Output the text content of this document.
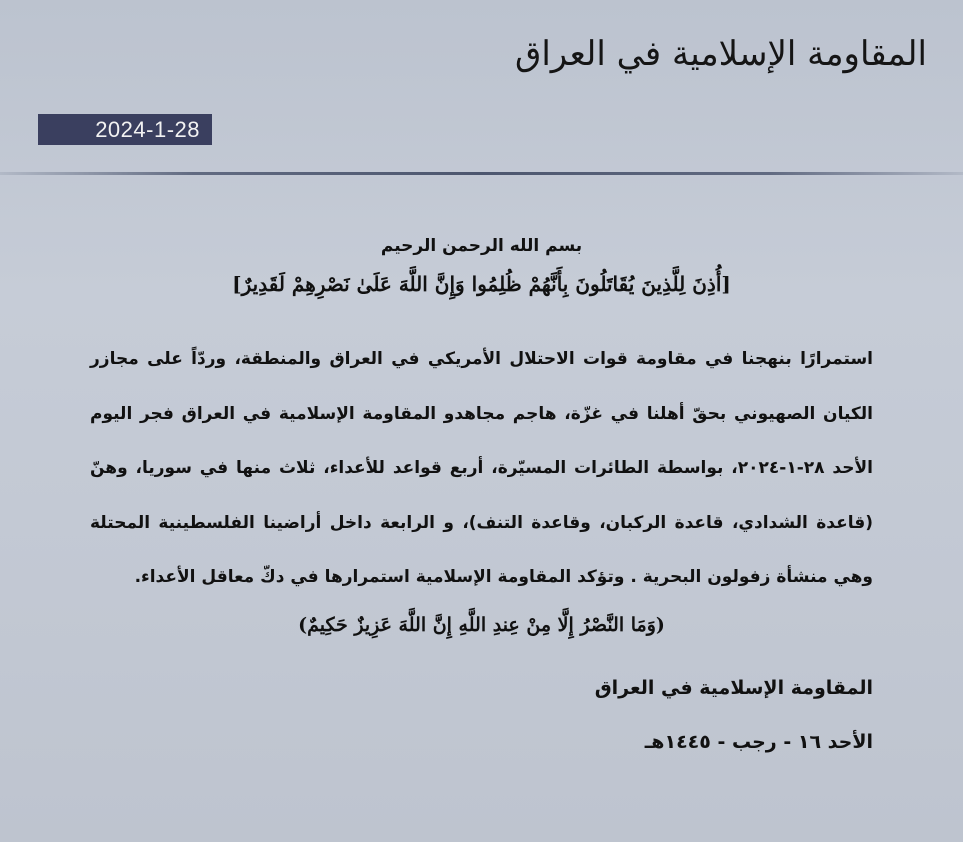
المقاومة الإسلامية في العراق
2024-1-28

بسم الله الرحمن الرحيم

[أُذِنَ لِلَّذِينَ يُقَاتَلُونَ بِأَنَّهُمْ ظُلِمُوا وَإِنَّ اللَّهَ عَلَىٰ نَصْرِهِمْ لَقَدِيرٌ]

استمرارًا بنهجنا في مقاومة قوات الاحتلال الأمريكي في العراق والمنطقة، وردّاً على مجازر الكيان الصهيوني بحقّ أهلنا في غزّة، هاجم مجاهدو المقاومة الإسلامية في العراق فجر اليوم الأحد ٢٨-١-٢٠٢٤، بواسطة الطائرات المسيّرة، أربع قواعد للأعداء، ثلاث منها في سوريا، وهنّ (قاعدة الشدادي، قاعدة الركبان، وقاعدة التنف)، و الرابعة داخل أراضينا الفلسطينية المحتلة وهي منشأة زفولون البحرية . وتؤكد المقاومة الإسلامية استمرارها في دكّ معاقل الأعداء.

(وَمَا النَّصْرُ إِلَّا مِنْ عِندِ اللَّهِ إِنَّ اللَّهَ عَزِيزٌ حَكِيمٌ)

المقاومة الإسلامية في العراق

الأحد ١٦ - رجب - ١٤٤٥هـ
